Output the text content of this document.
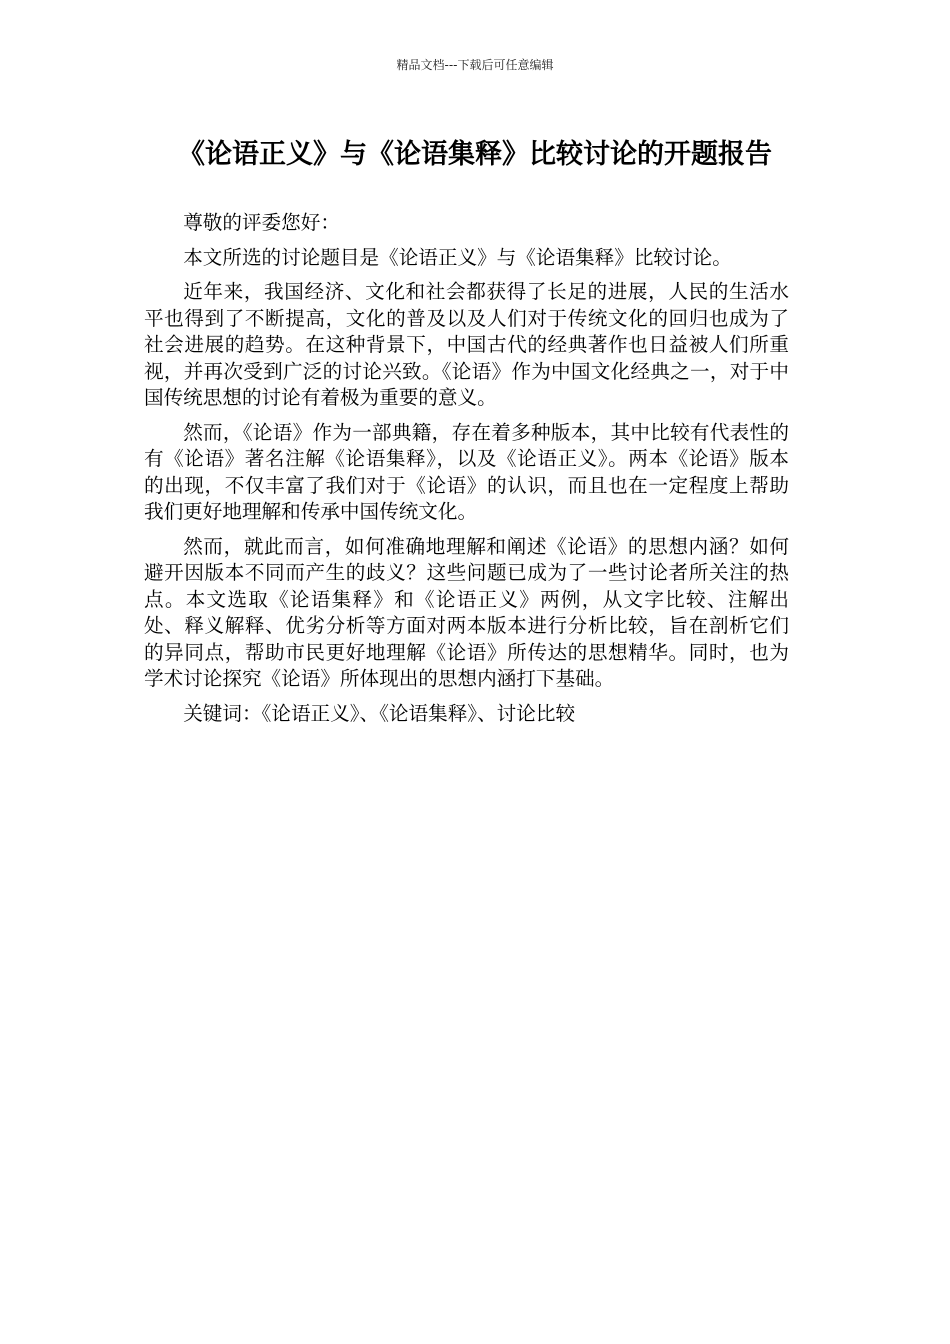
精品文档---下载后可任意编辑
《论语正义》与《论语集释》比较讨论的开题报告

尊敬的评委您好：

本文所选的讨论题目是《论语正义》与《论语集释》比较讨论。

近年来，我国经济、文化和社会都获得了长足的进展，人民的生活水平也得到了不断提高，文化的普及以及人们对于传统文化的回归也成为了社会进展的趋势。在这种背景下，中国古代的经典著作也日益被人们所重视，并再次受到广泛的讨论兴致。《论语》作为中国文化经典之一，对于中国传统思想的讨论有着极为重要的意义。

然而，《论语》作为一部典籍，存在着多种版本，其中比较有代表性的有《论语》著名注解《论语集释》，以及《论语正义》。两本《论语》版本的出现，不仅丰富了我们对于《论语》的认识，而且也在一定程度上帮助我们更好地理解和传承中国传统文化。

然而，就此而言，如何准确地理解和阐述《论语》的思想内涵？如何避开因版本不同而产生的歧义？这些问题已成为了一些讨论者所关注的热点。本文选取《论语集释》和《论语正义》两例，从文字比较、注解出处、释义解释、优劣分析等方面对两本版本进行分析比较，旨在剖析它们的异同点，帮助市民更好地理解《论语》所传达的思想精华。同时，也为学术讨论探究《论语》所体现出的思想内涵打下基础。

关键词：《论语正义》、《论语集释》、讨论比较
